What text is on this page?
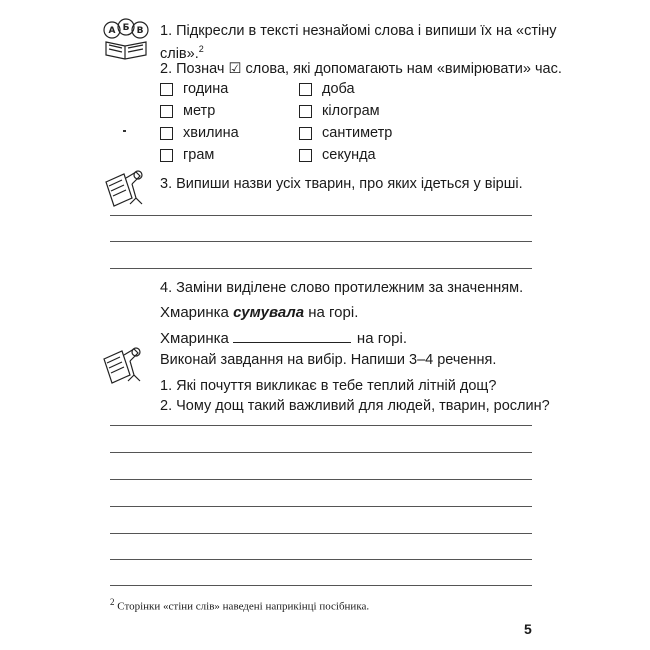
А Б В 1. Підкресли в тексті незнайомі слова і випиши їх на «стіну
слів».$^2$
2. Познач ☑ слова, які допомагають нам «вимірювати» час.
година
метр
хвилина
грам
доба
кілограм
сантиметр
секунда
3. Випиши назви усіх тварин, про яких ідеться у вірші.
4. Заміни виділене слово протилежним за значенням.
Хмаринка сумувала на горі.
Хмаринка	на горі.
Виконай завдання на вибір. Напиши 3–4 речення.
1. Які почуття викликає в тебе теплий літній дощ?
2. Чому дощ такий важливий для людей, тварин, рослин?
$^2$ Сторінки «стіни слів» наведені наприкінці посібника.
5
